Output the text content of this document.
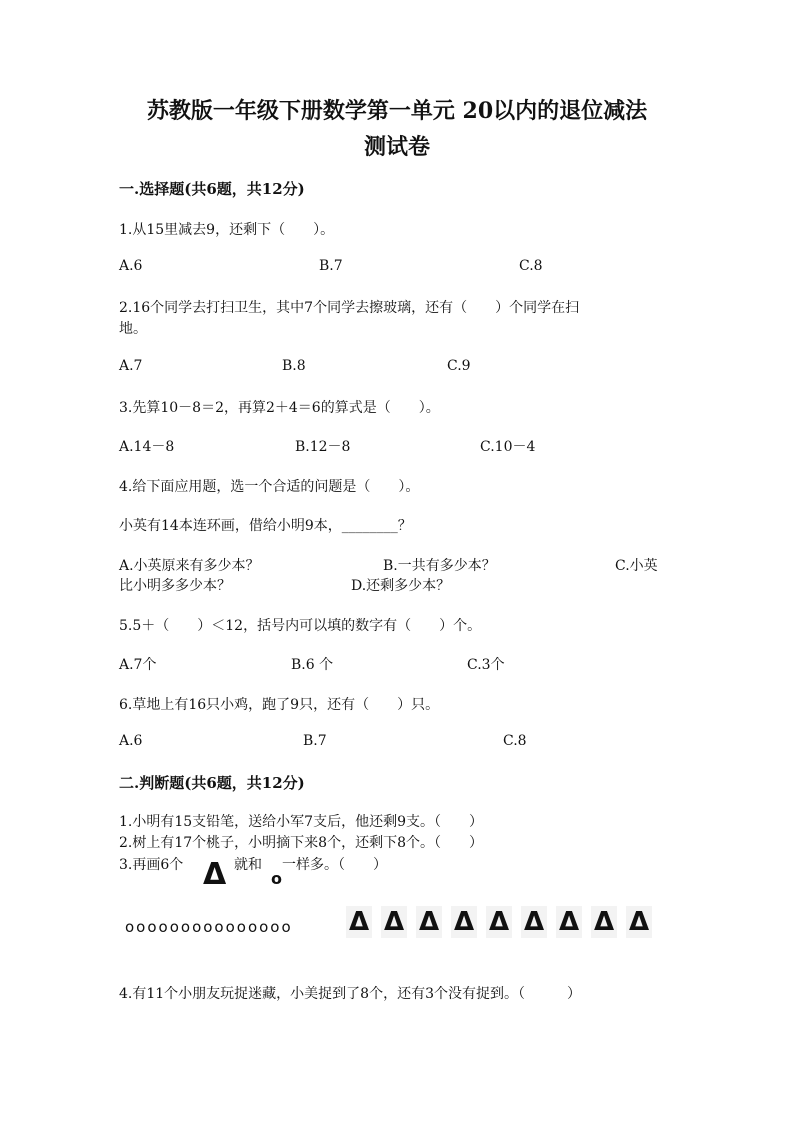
苏教版一年级下册数学第一单元 20以内的退位减法
测试卷
一.选择题(共6题，共12分)
1.从15里减去9，还剩下（　　）。
A.6	B.7	C.8
2.16个同学去打扫卫生，其中7个同学去擦玻璃，还有（　　）个同学在扫
地。
A.7	B.8	C.9
3.先算10－8＝2，再算2＋4＝6的算式是（　　）。
A.14－8	B.12－8	C.10－4
4.给下面应用题，选一个合适的问题是（　　）。
小英有14本连环画，借给小明9本，________？
A.小英原来有多少本？	B.一共有多少本？	C.小英
比小明多多少本？	D.还剩多少本？
5.5＋（　　）＜12，括号内可以填的数字有（　　）个。
A.7个	B.6 个	C.3个
6.草地上有16只小鸡，跑了9只，还有（　　）只。
A.6	B.7	C.8
二.判断题(共6题，共12分)
1.小明有15支铅笔，送给小军7支后，他还剩9支。（　　）
2.树上有17个桃子，小明摘下来8个，还剩下8个。（　　）
3.再画6个 Δ 就和
o
一样多。（　　）
ooooooooooooooo Δ Δ Δ Δ Δ Δ Δ Δ Δ
4.有11个小朋友玩捉迷藏，小美捉到了8个，还有3个没有捉到。（　　　）
